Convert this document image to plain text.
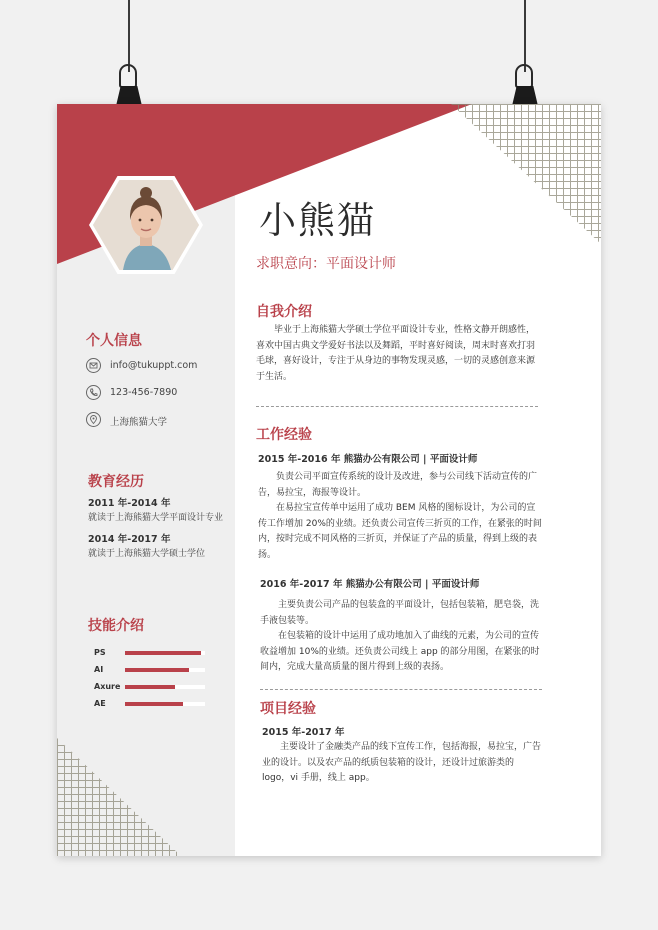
小熊猫
求职意向：平面设计师
个人信息
info@tukuppt.com
123-456-7890
上海熊猫大学
教育经历
2011 年-2014 年
就读于上海熊猫大学平面设计专业
2014 年-2017 年
就读于上海熊猫大学硕士学位
技能介绍
PS
AI
Axure
AE
自我介绍
毕业于上海熊猫大学硕士学位平面设计专业，性格文静开朗感性，
喜欢中国古典文学爱好书法以及舞蹈，平时喜好阅读，周末时喜欢打羽
毛球，喜好设计，专注于从身边的事物发现灵感，一切的灵感创意来源
于生活。
工作经验
2015 年-2016 年 熊猫办公有限公司 | 平面设计师
负责公司平面宣传系统的设计及改进，参与公司线下活动宣传的广
告，易拉宝，海报等设计。
在易拉宝宣传单中运用了成功 BEM 风格的图标设计，为公司的宣
传工作增加 20%的业绩。还负责公司宣传三折页的工作，在紧张的时间
内，按时完成不同风格的三折页，并保证了产品的质量，得到上级的表
扬。
2016 年-2017 年 熊猫办公有限公司 | 平面设计师
主要负责公司产品的包装盒的平面设计，包括包装箱，肥皂袋，洗
手液包装等。
在包装箱的设计中运用了成功地加入了曲线的元素，为公司的宣传
收益增加 10%的业绩。还负责公司线上 app 的部分用图，在紧张的时
间内，完成大量高质量的图片得到上级的表扬。
项目经验
2015 年-2017 年
主要设计了金融类产品的线下宣传工作，包括海报，易拉宝，广告
业的设计。以及农产品的纸质包装箱的设计，还设计过旅游类的
logo，vi 手册，线上 app。
